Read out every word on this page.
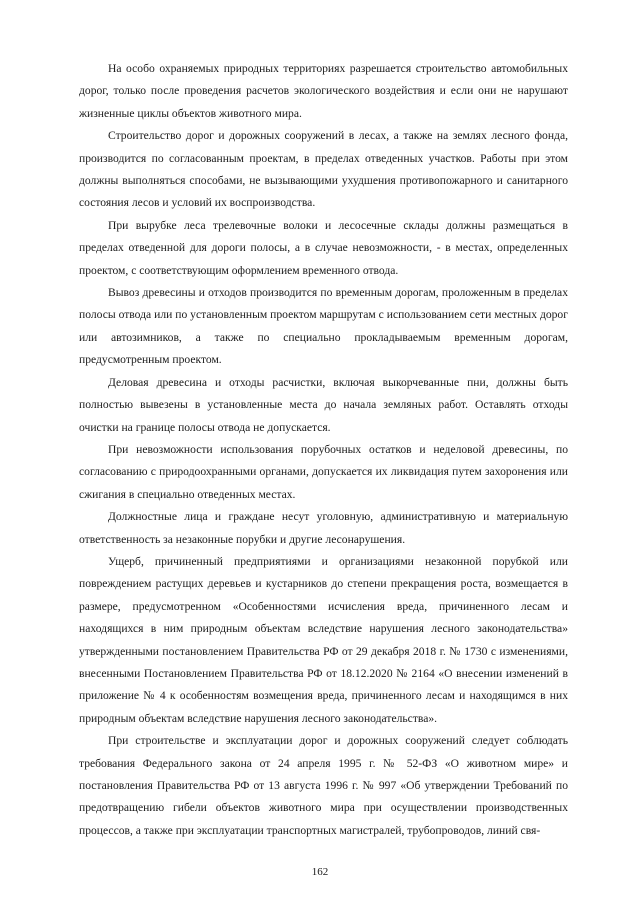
На особо охраняемых природных территориях разрешается строительство автомобильных дорог, только после проведения расчетов экологического воздействия и если они не нарушают жизненные циклы объектов животного мира.

Строительство дорог и дорожных сооружений в лесах, а также на землях лесного фонда, производится по согласованным проектам, в пределах отведенных участков. Работы при этом должны выполняться способами, не вызывающими ухудшения противопожарного и санитарного состояния лесов и условий их воспроизводства.

При вырубке леса трелевочные волоки и лесосечные склады должны размещаться в пределах отведенной для дороги полосы, а в случае невозможности, - в местах, определенных проектом, с соответствующим оформлением временного отвода.

Вывоз древесины и отходов производится по временным дорогам, проложенным в пределах полосы отвода или по установленным проектом маршрутам с использованием сети местных дорог или автозимников, а также по специально прокладываемым временным дорогам, предусмотренным проектом.

Деловая древесина и отходы расчистки, включая выкорчеванные пни, должны быть полностью вывезены в установленные места до начала земляных работ. Оставлять отходы очистки на границе полосы отвода не допускается.

При невозможности использования порубочных остатков и неделовой древесины, по согласованию с природоохранными органами, допускается их ликвидация путем захоронения или сжигания в специально отведенных местах.

Должностные лица и граждане несут уголовную, административную и материальную ответственность за незаконные порубки и другие лесонарушения.

Ущерб, причиненный предприятиями и организациями незаконной порубкой или повреждением растущих деревьев и кустарников до степени прекращения роста, возмещается в размере, предусмотренном «Особенностями исчисления вреда, причиненного лесам и находящихся в ним природным объектам вследствие нарушения лесного законодательства» утвержденными постановлением Правительства РФ от 29 декабря 2018 г. № 1730 с изменениями, внесенными Постановлением Правительства РФ от 18.12.2020 № 2164 «О внесении изменений в приложение № 4 к особенностям возмещения вреда, причиненного лесам и находящимся в них природным объектам вследствие нарушения лесного законодательства».

При строительстве и эксплуатации дорог и дорожных сооружений следует соблюдать требования Федерального закона от 24 апреля 1995 г. № 52-ФЗ «О животном мире» и постановления Правительства РФ от 13 августа 1996 г. № 997 «Об утверждении Требований по предотвращению гибели объектов животного мира при осуществлении производственных процессов, а также при эксплуатации транспортных магистралей, трубопроводов, линий свя-

162
